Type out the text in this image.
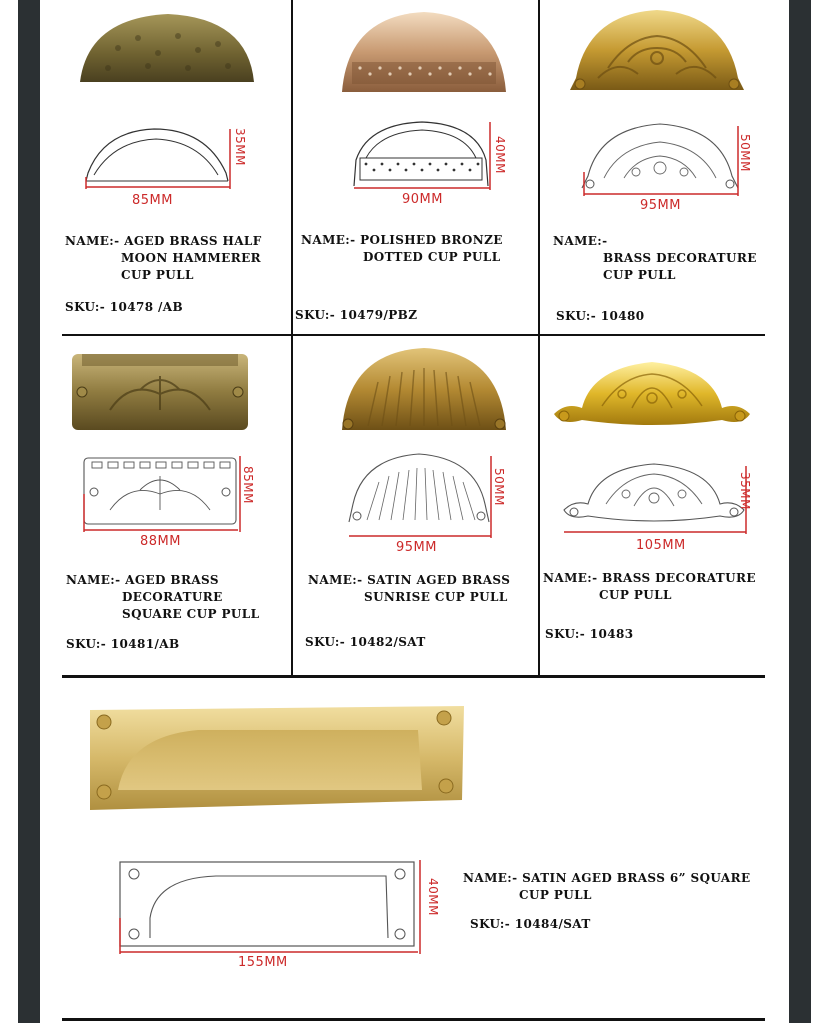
85MM
35MM
NAME:- AGED BRASS HALF
MOON HAMMERER
CUP PULL
SKU:- 10478 /AB
90MM
40MM
NAME:- POLISHED BRONZE
DOTTED CUP PULL
SKU:- 10479/PBZ
95MM
50MM
NAME:-
BRASS DECORATURE
CUP PULL
SKU:- 10480
88MM
85MM
NAME:- AGED BRASS
DECORATURE
SQUARE CUP PULL
SKU:- 10481/AB
95MM
50MM
NAME:- SATIN AGED BRASS
SUNRISE CUP PULL
SKU:- 10482/SAT
105MM
35MM
NAME:- BRASS DECORATURE
CUP PULL
SKU:- 10483
155MM
40MM NAME:- SATIN AGED BRASS 6” SQUARE
CUP PULL
SKU:- 10484/SAT
